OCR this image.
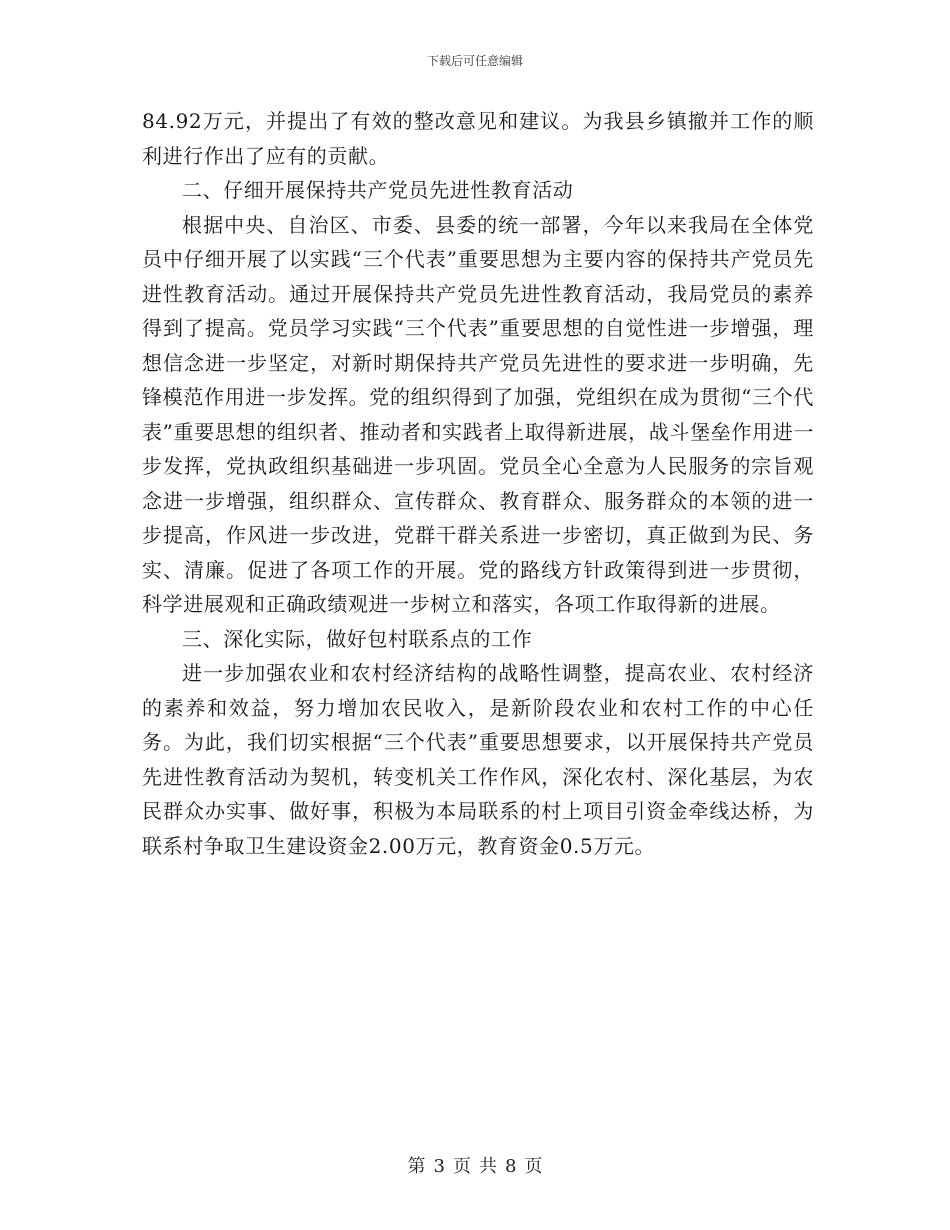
下载后可任意编辑

84.92万元，并提出了有效的整改意见和建议。为我县乡镇撤并工作的顺利进行作出了应有的贡献。

二、仔细开展保持共产党员先进性教育活动

根据中央、自治区、市委、县委的统一部署，今年以来我局在全体党员中仔细开展了以实践“三个代表”重要思想为主要内容的保持共产党员先进性教育活动。通过开展保持共产党员先进性教育活动，我局党员的素养得到了提高。党员学习实践“三个代表”重要思想的自觉性进一步增强，理想信念进一步坚定，对新时期保持共产党员先进性的要求进一步明确，先锋模范作用进一步发挥。党的组织得到了加强，党组织在成为贯彻“三个代表”重要思想的组织者、推动者和实践者上取得新进展，战斗堡垒作用进一步发挥，党执政组织基础进一步巩固。党员全心全意为人民服务的宗旨观念进一步增强，组织群众、宣传群众、教育群众、服务群众的本领的进一步提高，作风进一步改进，党群干群关系进一步密切，真正做到为民、务实、清廉。促进了各项工作的开展。党的路线方针政策得到进一步贯彻，科学进展观和正确政绩观进一步树立和落实，各项工作取得新的进展。

三、深化实际，做好包村联系点的工作

进一步加强农业和农村经济结构的战略性调整，提高农业、农村经济的素养和效益，努力增加农民收入，是新阶段农业和农村工作的中心任务。为此，我们切实根据“三个代表”重要思想要求，以开展保持共产党员先进性教育活动为契机，转变机关工作作风，深化农村、深化基层，为农民群众办实事、做好事，积极为本局联系的村上项目引资金牵线达桥，为联系村争取卫生建设资金2.00万元，教育资金0.5万元。

第 3 页 共 8 页
